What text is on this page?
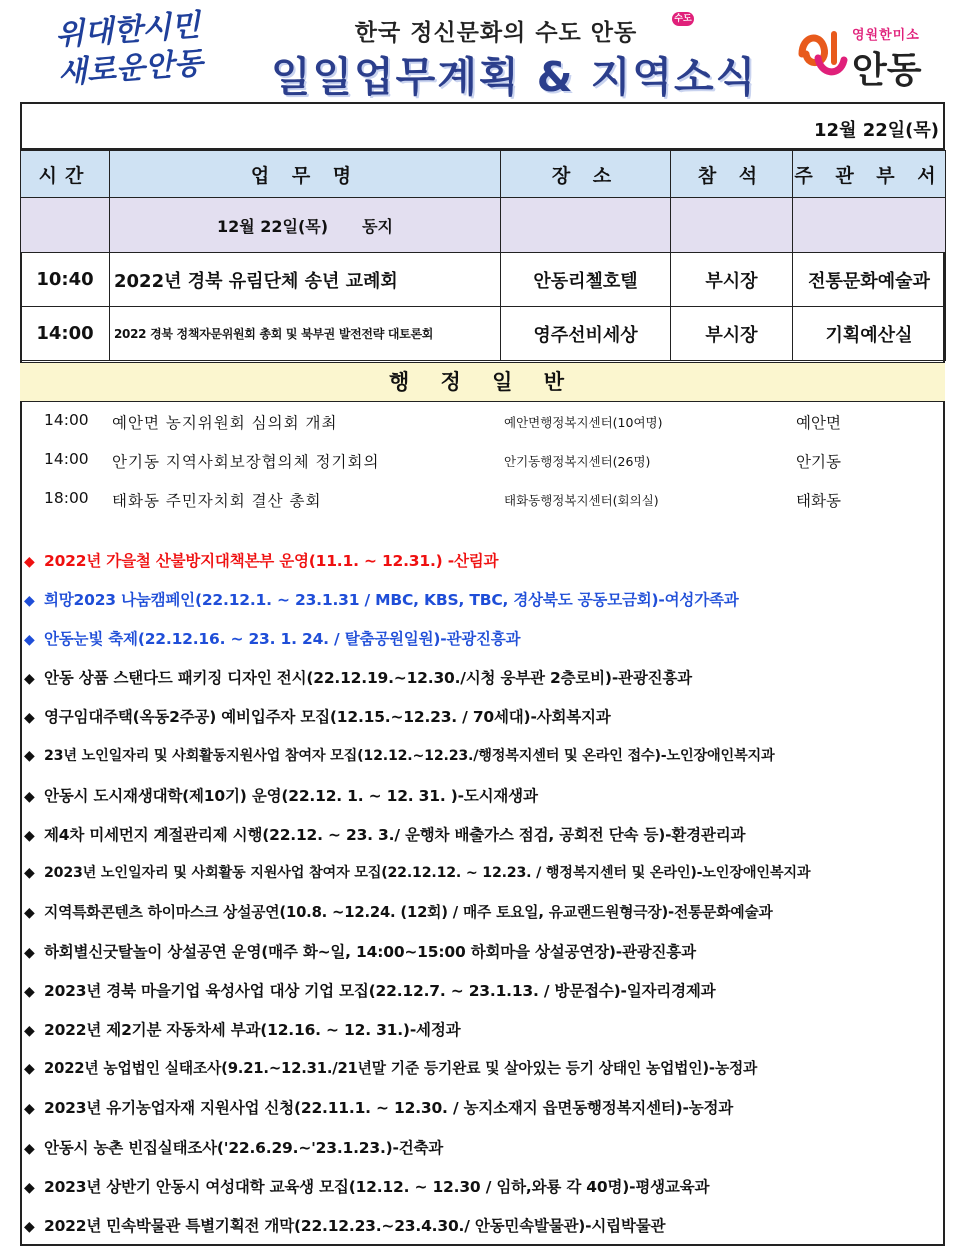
위대한시민
새로운안동
한국 정신문화의 수도 안동
수도
일일업무계획 & 지역소식
영원한미소
안동
12월 22일(목)
시간	업 무 명	장 소	참 석	주 관 부 서
	12월 22일(목) 동지			
10:40	2022년 경북 유림단체 송년 교례회	안동리첼호텔	부시장	전통문화예술과
14:00	2022 경북 정책자문위원회 총회 및 북부권 발전전략 대토론회	영주선비세상	부시장	기획예산실
행 정 일 반
14:00 예안면 농지위원회 심의회 개최	예안면행정복지센터(10여명)	예안면
14:00 안기동 지역사회보장협의체 정기회의	안기동행정복지센터(26명)	안기동
18:00 태화동 주민자치회 결산 총회	태화동행정복지센터(회의실)	태화동
◆ 2022년 가을철 산불방지대책본부 운영(11.1. ~ 12.31.) -산림과
◆ 희망2023 나눔캠페인(22.12.1. ~ 23.1.31 / MBC, KBS, TBC, 경상북도 공동모금회)-여성가족과
◆ 안동눈빛 축제(22.12.16. ~ 23. 1. 24. / 탈춤공원일원)-관광진흥과
◆ 안동 상품 스탠다드 패키징 디자인 전시(22.12.19.~12.30./시청 웅부관 2층로비)-관광진흥과
◆ 영구임대주택(옥동2주공) 예비입주자 모집(12.15.~12.23. / 70세대)-사회복지과
◆ 23년 노인일자리 및 사회활동지원사업 참여자 모집(12.12.~12.23./행정복지센터 및 온라인 접수)-노인장애인복지과
◆ 안동시 도시재생대학(제10기) 운영(22.12. 1. ~ 12. 31. )-도시재생과
◆ 제4차 미세먼지 계절관리제 시행(22.12. ~ 23. 3./ 운행차 배출가스 점검, 공회전 단속 등)-환경관리과
◆ 2023년 노인일자리 및 사회활동 지원사업 참여자 모집(22.12.12. ~ 12.23. / 행정복지센터 및 온라인)-노인장애인복지과
◆ 지역특화콘텐츠 하이마스크 상설공연(10.8. ~12.24. (12회) / 매주 토요일, 유교랜드원형극장)-전통문화예술과
◆ 하회별신굿탈놀이 상설공연 운영(매주 화~일, 14:00~15:00 하회마을 상설공연장)-관광진흥과
◆ 2023년 경북 마을기업 육성사업 대상 기업 모집(22.12.7. ~ 23.1.13. / 방문접수)-일자리경제과
◆ 2022년 제2기분 자동차세 부과(12.16. ~ 12. 31.)-세정과
◆ 2022년 농업법인 실태조사(9.21.~12.31./21년말 기준 등기완료 및 살아있는 등기 상태인 농업법인)-농정과
◆ 2023년 유기농업자재 지원사업 신청(22.11.1. ~ 12.30. / 농지소재지 읍면동행정복지센터)-농정과
◆ 안동시 농촌 빈집실태조사('22.6.29.~'23.1.23.)-건축과
◆ 2023년 상반기 안동시 여성대학 교육생 모집(12.12. ~ 12.30 / 임하,와룡 각 40명)-평생교육과
◆ 2022년 민속박물관 특별기획전 개막(22.12.23.~23.4.30./ 안동민속발물관)-시립박물관
